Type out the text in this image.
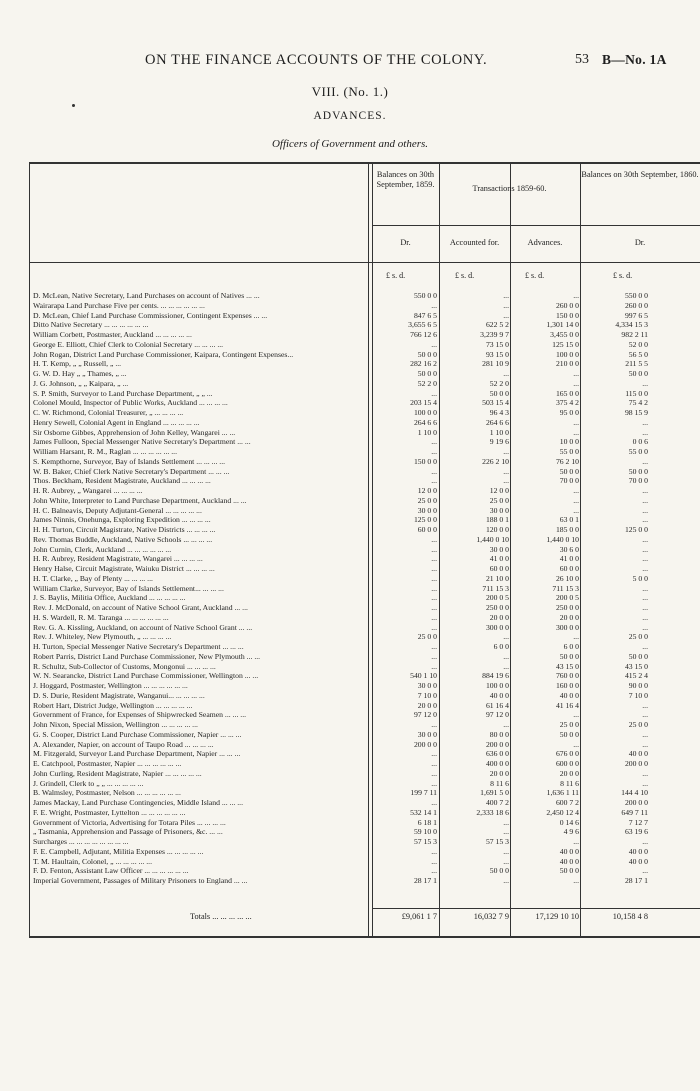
ON THE FINANCE ACCOUNTS OF THE COLONY.	53 B—No. 1A
VIII. (No. 1.)
ADVANCES.
Officers of Government and others.
Balances on 30th September, 1859.	Transactions 1859-60.
Balances on 30th September, 1860.
Dr.	Accounted for.	Advances.	Dr.
£ s. d.	£ s. d.	£ s. d.	£ s. d.
D. McLean, Native Secretary, Land Purchases on account of Natives ... ...	550 0 0	...	...	550 0 0
Wairarapa Land Purchase Five per cents. ... ... ... ... ... ...	...	...	260 0 0	260 0 0
D. McLean, Chief Land Purchase Commissioner, Contingent Expenses ... ...	847 6 5	...	150 0 0	997 6 5
Ditto Native Secretary ... ... ... ... ... ...	3,655 6 5	622 5 2	1,301 14 0	4,334 15 3
William Corbett, Postmaster, Auckland ... ... ... ... ...	766 12 6	3,239 9 7	3,455 0 0	982 2 11
George E. Elliott, Chief Clerk to Colonial Secretary ... ... ... ...	...	73 15 0	125 15 0	52 0 0
John Rogan, District Land Purchase Commissioner, Kaipara, Contingent Expenses...	50 0 0	93 15 0	100 0 0	56 5 0
H. T. Kemp, „ „ Russell, „ ...	282 16 2	281 10 9	210 0 0	211 5 5
G. W. D. Hay „ „ Thames, „ ...	50 0 0	...	...	50 0 0
J. G. Johnson, „ „ Kaipara, „ ...	52 2 0	52 2 0	...	...
S. P. Smith, Surveyor to Land Purchase Department, „ „ ...	...	50 0 0	165 0 0	115 0 0
Colonel Mould, Inspector of Public Works, Auckland ... ... ... ...	203 15 4	503 15 4	375 4 2	75 4 2
C. W. Richmond, Colonial Treasurer, „ ... ... ... ...	100 0 0	96 4 3	95 0 0	98 15 9
Henry Sewell, Colonial Agent in England ... ... ... ... ...	264 6 6	264 6 6	...	...
Sir Osborne Gibbes, Apprehension of John Kelley, Wangarei ... ...	1 10 0	1 10 0	...	...
James Fulloon, Special Messenger Native Secretary's Department ... ...	...	9 19 6	10 0 0	0 0 6
William Harsant, R. M., Raglan ... ... ... ... ... ...	...	...	55 0 0	55 0 0
S. Kempthorne, Surveyor, Bay of Islands Settlement ... ... ... ...	150 0 0	226 2 10	76 2 10	...
W. B. Baker, Chief Clerk Native Secretary's Department ... ... ...	...	...	50 0 0	50 0 0
Thos. Beckham, Resident Magistrate, Auckland ... ... ... ...	...	...	70 0 0	70 0 0
H. R. Aubrey, „ Wangarei ... ... ... ...	12 0 0	12 0 0	...	...
John White, Interpreter to Land Purchase Department, Auckland ... ...	25 0 0	25 0 0	...	...
H. C. Balneavis, Deputy Adjutant-General ... ... ... ... ...	30 0 0	30 0 0	...	...
James Ninnis, Onehunga, Exploring Expedition ... ... ... ...	125 0 0	188 0 1	63 0 1	...
H. H. Turton, Circuit Magistrate, Native Districts ... ... ... ...	60 0 0	120 0 0	185 0 0	125 0 0
Rev. Thomas Buddle, Auckland, Native Schools ... ... ... ...	...	1,440 0 10	1,440 0 10	...
John Curnin, Clerk, Auckland ... ... ... ... ... ...	...	30 0 0	30 6 0	...
H. R. Aubrey, Resident Magistrate, Wangarei ... ... ... ...	...	41 0 0	41 0 0	...
Henry Halse, Circuit Magistrate, Waiuku District ... ... ... ...	...	60 0 0	60 0 0	...
H. T. Clarke, „ Bay of Plenty ... ... ... ...	...	21 10 0	26 10 0	5 0 0
William Clarke, Surveyor, Bay of Islands Settlement... ... ... ...	...	711 15 3	711 15 3	...
J. S. Baylis, Militia Office, Auckland ... ... ... ... ...	...	200 0 5	200 0 5	...
Rev. J. McDonald, on account of Native School Grant, Auckland ... ...	...	250 0 0	250 0 0	...
H. S. Wardell, R. M. Taranga ... ... ... ... ... ...	...	20 0 0	20 0 0	...
Rev. G. A. Kissling, Auckland, on account of Native School Grant ... ...	...	300 0 0	300 0 0	...
Rev. J. Whiteley, New Plymouth, „ ... ... ... ...	25 0 0	...	...	25 0 0
H. Turton, Special Messenger Native Secretary's Department ... ... ...	...	6 0 0	6 0 0	...
Robert Parris, District Land Purchase Commissioner, New Plymouth ... ...	...	...	50 0 0	50 0 0
R. Schultz, Sub-Collector of Customs, Mongonui ... ... ... ...	...	...	43 15 0	43 15 0
W. N. Searancke, District Land Purchase Commissioner, Wellington ... ...	540 1 10	884 19 6	760 0 0	415 2 4
J. Hoggard, Postmaster, Wellington ... ... ... ... ... ...	30 0 0	100 0 0	160 0 0	90 0 0
D. S. Durie, Resident Magistrate, Wanganui... ... ... ... ...	7 10 0	40 0 0	40 0 0	7 10 0
Robert Hart, District Judge, Wellington ... ... ... ... ...	20 0 0	61 16 4	41 16 4	...
Government of France, for Expenses of Shipwrecked Seamen ... ... ...	97 12 0	97 12 0	...	...
John Nixon, Special Mission, Wellington ... ... ... ... ...	...	...	25 0 0	25 0 0
G. S. Cooper, District Land Purchase Commissioner, Napier ... ... ...	30 0 0	80 0 0	50 0 0	...
A. Alexander, Napier, on account of Taupo Road ... ... ... ...	200 0 0	200 0 0	...	...
M. Fitzgerald, Surveyor Land Purchase Department, Napier ... ... ...	...	636 0 0	676 0 0	40 0 0
E. Catchpool, Postmaster, Napier ... ... ... ... ... ...	...	400 0 0	600 0 0	200 0 0
John Curling, Resident Magistrate, Napier ... ... ... ... ...	...	20 0 0	20 0 0	...
J. Grindell, Clerk to „ „ ... ... ... ... ...	...	8 11 6	8 11 6	...
B. Walmsley, Postmaster, Nelson ... ... ... ... ... ...	199 7 11	1,691 5 0	1,636 1 11	144 4 10
James Mackay, Land Purchase Contingencies, Middle Island ... ... ...	...	400 7 2	600 7 2	200 0 0
F. E. Wright, Postmaster, Lyttelton ... ... ... ... ... ...	532 14 1	2,333 18 6	2,450 12 4	649 7 11
Government of Victoria, Advertising for Totara Piles ... ... ... ...	6 18 1	...	0 14 6	7 12 7
„ Tasmania, Apprehension and Passage of Prisoners, &c. ... ...	59 10 0	...	4 9 6	63 19 6
Surcharges ... ... ... ... ... ... ... ...	57 15 3	57 15 3	...	...
F. E. Campbell, Adjutant, Militia Expenses ... ... ... ... ...	...	...	40 0 0	40 0 0
T. M. Haultain, Colonel, „ ... ... ... ... ...	...	...	40 0 0	40 0 0
F. D. Fenton, Assistant Law Officer ... ... ... ... ... ...	...	50 0 0	50 0 0	...
Imperial Government, Passages of Military Prisoners to England ... ...	28 17 1	...	...	28 17 1
Totals ... ... ... ... ...	£9,061 1 7	16,032 7 9	17,129 10 10	10,158 4 8
